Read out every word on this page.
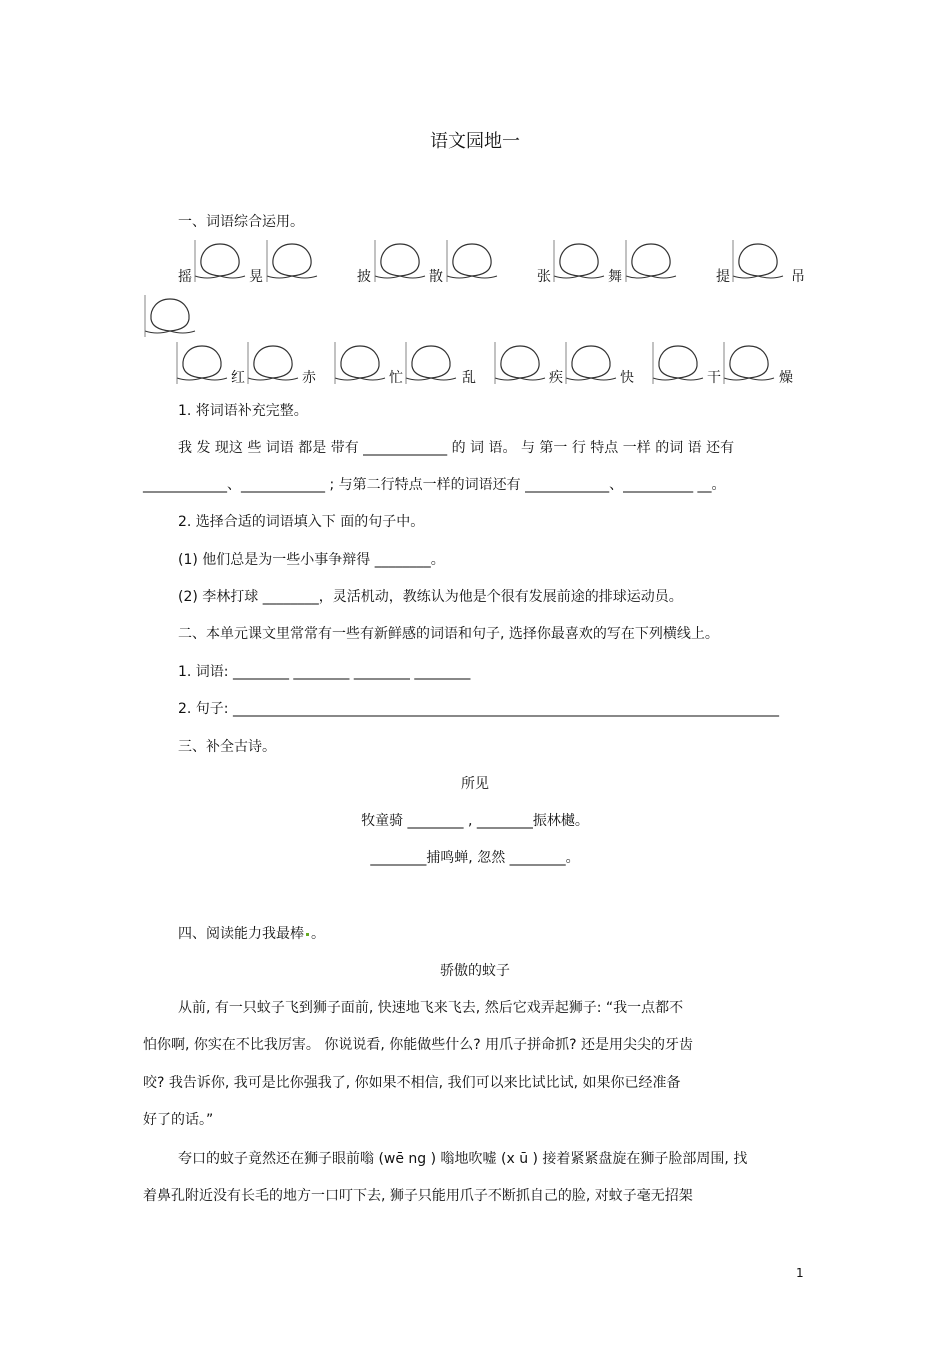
语文园地一
一、词语综合运用。
摇	晃	披	散	张	舞	提	吊
红	赤	忙	乱	疾	快	干	燥
1. 将词语补充完整。
我 发 现这 些 词语 都是 带有 ____________ 的 词 语。 与 第一 行 特点 一样 的词 语 还有
____________、____________ ; 与第二行特点一样的词语还有 ____________、__________ __。
2. 选择合适的词语填入下 面的句子中。
(1) 他们总是为一些小事争辩得 ________。
(2) 李林打球 ________，灵活机动，教练认为他是个很有发展前途的排球运动员。
二、本单元课文里常常有一些有新鲜感的词语和句子, 选择你最喜欢的写在下列横线上。
1. 词语: ________ ________ ________ ________
2. 句子: ______________________________________________________________________________
三、补全古诗。
所见
牧童骑 ________ , ________振林樾。
________捕鸣蝉, 忽然 ________。
四、阅读能力我最棒 。
骄傲的蚊子
从前, 有一只蚊子飞到狮子面前, 快速地飞来飞去, 然后它戏弄起狮子: “我一点都不
怕你啊, 你实在不比我厉害。 你说说看, 你能做些什么? 用爪子拼命抓? 还是用尖尖的牙齿
咬? 我告诉你, 我可是比你强我了, 你如果不相信, 我们可以来比试比试, 如果你已经准备
好了的话。”
夸口的蚊子竟然还在狮子眼前嗡 (wē ng ) 嗡地吹嘘 (x ū ) 接着紧紧盘旋在狮子脸部周围, 找
着鼻孔附近没有长毛的地方一口叮下去, 狮子只能用爪子不断抓自己的脸, 对蚊子毫无招架
1
